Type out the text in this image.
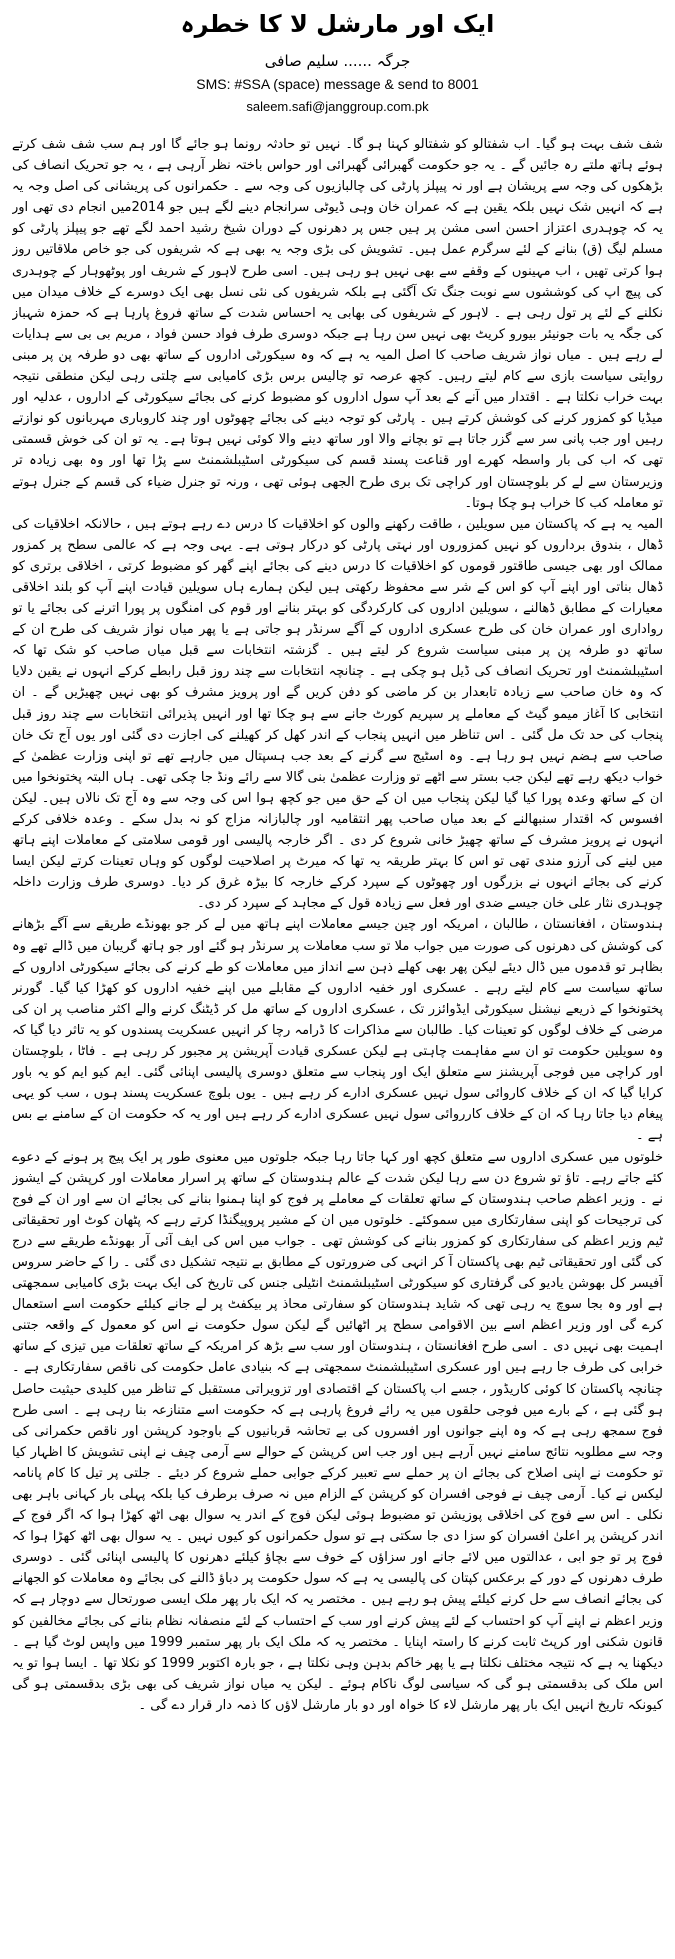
ایک اور مارشل لا کا خطرہ
جرگہ ...... سلیم صافی
SMS: #SSA (space) message & send to 8001
saleem.safi@janggroup.com.pk

شف شف بہت ہو گیا۔ اب شفتالو کو شفتالو کہنا ہو گا۔ نہیں تو حادثہ رونما ہو جائے گا اور ہم سب شف شف کرتے ہوئے ہاتھ ملتے رہ جائیں گے ۔ یہ جو حکومت گھبرائی گھبرائی اور حواس باختہ نظر آرہی ہے ، یہ جو تحریک انصاف کی بڑھکوں کی وجہ سے پریشان ہے اور نہ پیپلز پارٹی کی چالبازیوں کی وجہ سے ۔ حکمرانوں کی پریشانی کی اصل وجہ یہ ہے کہ انہیں شک نہیں بلکہ یقین ہے کہ عمران خان وہی ڈیوٹی سرانجام دینے لگے ہیں جو 2014میں انجام دی تھی اور یہ کہ چوہدری اعتزاز احسن اسی مشن پر ہیں جس پر دھرنوں کے دوران شیخ رشید احمد لگے تھے جو پیپلز پارٹی کو مسلم لیگ (ق) بنانے کے لئے سرگرم عمل ہیں۔ تشویش کی بڑی وجہ یہ بھی ہے کہ شریفوں کی جو خاص ملاقاتیں روز ہوا کرتی تھیں ، اب مہینوں کے وقفے سے بھی نہیں ہو رہی ہیں۔ اسی طرح لاہور کے شریف اور پوٹھوہار کے چوہدری کی پیچ اپ کی کوششوں سے نوبت جنگ تک آگئی ہے بلکہ شریفوں کی نئی نسل بھی ایک دوسرے کے خلاف میدان میں نکلنے کے لئے پر تول رہی ہے ۔ لاہور کے شریفوں کی بھابی یہ احساس شدت کے ساتھ فروغ پارہا ہے کہ حمزہ شہباز کی جگہ یہ بات جونیئر بیورو کریٹ بھی نہیں سن رہا ہے جبکہ دوسری طرف فواد حسن فواد ، مریم بی بی سے ہدایات لے رہے ہیں ۔ میاں نواز شریف صاحب کا اصل المیہ یہ ہے کہ وہ سیکورٹی اداروں کے ساتھ بھی دو طرفہ پن پر مبنی روایتی سیاست بازی سے کام لیتے رہیں۔ کچھ عرصہ تو چالیس برس بڑی کامیابی سے چلتی رہی لیکن منطقی نتیجہ بہت خراب نکلتا ہے ۔ اقتدار میں آنے کے بعد آپ سول اداروں کو مضبوط کرنے کی بجائے سیکورٹی کے اداروں ، عدلیہ اور میڈیا کو کمزور کرنے کی کوشش کرتے ہیں ۔ پارٹی کو توجہ دینے کی بجائے چھوٹوں اور چند کاروباری مہربانوں کو نوازتے رہیں اور جب پانی سر سے گزر جاتا ہے تو بچانے والا اور ساتھ دینے والا کوئی نہیں ہوتا ہے۔ یہ تو ان کی خوش قسمتی تھی کہ اب کی بار واسطہ کھرے اور قناعت پسند قسم کی سیکورٹی اسٹیبلشمنٹ سے پڑا تھا اور وہ بھی زیادہ تر وزیرستان سے لے کر بلوچستان اور کراچی تک بری طرح الجھی ہوئی تھی ، ورنہ تو جنرل ضیاء کی قسم کے جنرل ہوتے تو معاملہ کب کا خراب ہو چکا ہوتا۔

المیہ یہ ہے کہ پاکستان میں سویلین ، طاقت رکھنے والوں کو اخلاقیات کا درس دے رہے ہوتے ہیں ، حالانکہ اخلاقیات کی ڈھال ، بندوق برداروں کو نہیں کمزوروں اور نہتی پارٹی کو درکار ہوتی ہے۔ یہی وجہ ہے کہ عالمی سطح پر کمزور ممالک اور بھی جیسی طاقتور قوموں کو اخلاقیات کا درس دینے کی بجائے اپنے گھر کو مضبوط کرتی ، اخلاقی برتری کو ڈھال بناتی اور اپنے آپ کو اس کے شر سے محفوظ رکھتی ہیں لیکن ہمارے ہاں سویلین قیادت اپنے آپ کو بلند اخلاقی معیارات کے مطابق ڈھالنے ، سویلین اداروں کی کارکردگی کو بہتر بنانے اور قوم کی امنگوں پر پورا اترنے کی بجائے یا تو رواداری اور عمران خان کی طرح عسکری اداروں کے آگے سرنڈر ہو جاتی ہے یا پھر میاں نواز شریف کی طرح ان کے ساتھ دو طرفہ پن پر مبنی سیاست شروع کر لیتے ہیں ۔ گزشتہ انتخابات سے قبل میاں صاحب کو شک تھا کہ اسٹیبلشمنٹ اور تحریک انصاف کی ڈیل ہو چکی ہے ۔ چنانچہ انتخابات سے چند روز قبل رابطے کرکے انہوں نے یقین دلایا کہ وہ خان صاحب سے زیادہ تابعدار بن کر ماضی کو دفن کریں گے اور پرویز مشرف کو بھی نہیں چھیڑیں گے ۔ ان انتخابی کا آغاز میمو گیٹ کے معاملے پر سپریم کورٹ جانے سے ہو چکا تھا اور انہیں پذیرائی انتخابات سے چند روز قبل پنجاب کی حد تک مل گئی ۔ اس تناظر میں انہیں پنجاب کے اندر کھل کر کھیلنے کی اجازت دی گئی اور یوں آج تک خان صاحب سے ہضم نہیں ہو رہا ہے۔ وہ اسٹیج سے گرنے کے بعد جب ہسپتال میں جارہے تھے تو اپنی وزارت عظمیٰ کے خواب دیکھ رہے تھے لیکن جب بستر سے اٹھے تو وزارت عظمیٰ بنی گالا سے رائے ونڈ جا چکی تھی۔ ہاں البتہ پختونخوا میں ان کے ساتھ وعدہ پورا کیا گیا لیکن پنجاب میں ان کے حق میں جو کچھ ہوا اس کی وجہ سے وہ آج تک نالاں ہیں۔ لیکن افسوس کہ اقتدار سنبھالنے کے بعد میاں صاحب پھر انتقامیہ اور چالبازانہ مزاج کو نہ بدل سکے ۔ وعدہ خلافی کرکے انہوں نے پرویز مشرف کے ساتھ چھیڑ خانی شروع کر دی ۔ اگر خارجہ پالیسی اور قومی سلامتی کے معاملات اپنے ہاتھ میں لینے کی آرزو مندی تھی تو اس کا بہتر طریقہ یہ تھا کہ میرٹ پر اصلاحیت لوگوں کو وہاں تعینات کرتے لیکن ایسا کرنے کی بجائے انہوں نے بزرگوں اور چھوٹوں کے سپرد کرکے خارجہ کا بیڑہ غرق کر دیا۔ دوسری طرف وزارت داخلہ چوہدری نثار علی خان جیسے ضدی اور فعل سے زیادہ قول کے مجاہد کے سپرد کر دی۔

ہندوستان ، افغانستان ، طالبان ، امریکہ اور چین جیسے معاملات اپنے ہاتھ میں لے کر جو بھونڈے طریقے سے آگے بڑھانے کی کوشش کی دھرنوں کی صورت میں جواب ملا تو سب معاملات پر سرنڈر ہو گئے اور جو ہاتھ گریبان میں ڈالے تھے وہ بظاہر تو قدموں میں ڈال دیئے لیکن پھر بھی کھلے ذہن سے انداز میں معاملات کو طے کرنے کی بجائے سیکورٹی اداروں کے ساتھ سیاست سے کام لیتے رہے ۔ عسکری اور خفیہ اداروں کے مقابلے میں اپنے خفیہ اداروں کو کھڑا کیا گیا۔ گورنر پختونخوا کے ذریعے نیشنل سیکورٹی ایڈوائزر تک ، عسکری اداروں کے ساتھ مل کر ڈیٹنگ کرنے والے اکثر مناصب پر ان کی مرضی کے خلاف لوگوں کو تعینات کیا۔ طالبان سے مذاکرات کا ڈرامہ رچا کر انہیں عسکریت پسندوں کو یہ تاثر دیا گیا کہ وہ سویلین حکومت تو ان سے مفاہمت چاہتی ہے لیکن عسکری قیادت آپریشن پر مجبور کر رہی ہے ۔ فاٹا ، بلوچستان اور کراچی میں فوجی آپریشنز سے متعلق ایک اور پنجاب سے متعلق دوسری پالیسی اپنائی گئی۔ ایم کیو ایم کو یہ باور کرایا گیا کہ ان کے خلاف کاروائی سول نہیں عسکری ادارے کر رہے ہیں ۔ یوں بلوچ عسکریت پسند ہوں ، سب کو یہی پیغام دیا جاتا رہا کہ ان کے خلاف کارروائی سول نہیں عسکری ادارے کر رہے ہیں اور یہ کہ حکومت ان کے سامنے بے بس ہے ۔

خلوتوں میں عسکری اداروں سے متعلق کچھ اور کہا جاتا رہا جبکہ جلوتوں میں معنوی طور پر ایک پیج پر ہونے کے دعوے کئے جاتے رہے۔ تاؤ تو شروع دن سے رہا لیکن شدت کے عالم ہندوستان کے ساتھ پر اسرار معاملات اور کرپشن کے ایشوز نے ۔ وزیر اعظم صاحب ہندوستان کے ساتھ تعلقات کے معاملے پر فوج کو اپنا ہمنوا بنانے کی بجائے ان سے اور ان کے فوج کی ترجیحات کو اپنی سفارتکاری میں سموکئے۔ خلوتوں میں ان کے مشیر پروپیگنڈا کرتے رہے کہ پٹھان کوٹ اور تحقیقاتی ٹیم وزیر اعظم کی سفارتکاری کو کمزور بنانے کی کوشش تھی ۔ جواب میں اس کی ایف آئی آر بھونڈے طریقے سے درج کی گئی اور تحقیقاتی ٹیم بھی پاکستان آ کر انہی کی ضرورتوں کے مطابق بے نتیجہ تشکیل دی گئی ۔ را کے حاضر سروس آفیسر کل بھوشن یادیو کی گرفتاری کو سیکورٹی اسٹیبلشمنٹ انٹیلی جنس کی تاریخ کی ایک بہت بڑی کامیابی سمجھتی ہے اور وہ بجا سوچ یہ رہی تھی کہ شاید ہندوستان کو سفارتی محاذ پر بیکفٹ پر لے جانے کیلئے حکومت اسے استعمال کرے گی اور وزیر اعظم اسے بین الاقوامی سطح پر اٹھائیں گے لیکن سول حکومت نے اس کو معمول کے واقعہ جتنی اہمیت بھی نہیں دی ۔ اسی طرح افغانستان ، ہندوستان اور سب سے بڑھ کر امریکہ کے ساتھ تعلقات میں تیزی کے ساتھ خرابی کی طرف جا رہے ہیں اور عسکری اسٹیبلشمنٹ سمجھتی ہے کہ بنیادی عامل حکومت کی ناقص سفارتکاری ہے ۔ چنانچہ پاکستان کا کوئی کاریڈور ، جسے اب پاکستان کے اقتصادی اور تزویراتی مستقبل کے تناظر میں کلیدی حیثیت حاصل ہو گئی ہے ، کے بارے میں فوجی حلقوں میں یہ رائے فروغ پارہی ہے کہ حکومت اسے متنازعہ بنا رہی ہے ۔ اسی طرح فوج سمجھ رہی ہے کہ وہ اپنے جوانوں اور افسروں کی بے تحاشہ قربانیوں کے باوجود کرپشن اور ناقص حکمرانی کی وجہ سے مطلوبہ نتائج سامنے نہیں آرہے ہیں اور جب اس کرپشن کے حوالے سے آرمی چیف نے اپنی تشویش کا اظہار کیا تو حکومت نے اپنی اصلاح کی بجائے ان پر حملے سے تعبیر کرکے جوابی حملے شروع کر دیئے ۔ جلتی پر تیل کا کام پانامہ لیکس نے کیا۔ آرمی چیف نے فوجی افسران کو کرپشن کے الزام میں نہ صرف برطرف کیا بلکہ پہلی بار کہانی باہر بھی نکلی ۔ اس سے فوج کی اخلاقی پوزیشن تو مضبوط ہوئی لیکن فوج کے اندر یہ سوال بھی اٹھ کھڑا ہوا کہ اگر فوج کے اندر کرپشن پر اعلیٰ افسران کو سزا دی جا سکتی ہے تو سول حکمرانوں کو کیوں نہیں ۔ یہ سوال بھی اٹھ کھڑا ہوا کہ فوج پر تو جو ابی ، عدالتوں میں لائے جانے اور سزاؤں کے خوف سے بچاؤ کیلئے دھرنوں کا پالیسی اپنائی گئی ۔ دوسری طرف دھرنوں کے دور کے برعکس کپتان کی پالیسی یہ ہے کہ سول حکومت پر دباؤ ڈالنے کی بجائے وہ معاملات کو الجھانے کی بجائے انصاف سے حل کرنے کیلئے پیش ہو رہے ہیں ۔ مختصر یہ کہ ایک بار پھر ملک ایسی صورتحال سے دوچار ہے کہ وزیر اعظم نے اپنے آپ کو احتساب کے لئے پیش کرنے اور سب کے احتساب کے لئے منصفانہ نظام بنانے کی بجائے مخالفین کو قانون شکنی اور کرپٹ ثابت کرنے کا راستہ اپنایا ۔ مختصر یہ کہ ملک ایک بار پھر ستمبر 1999 میں واپس لوٹ گیا ہے ۔ دیکھنا یہ ہے کہ نتیجہ مختلف نکلتا ہے یا پھر خاکم بدہن وہی نکلتا ہے ، جو بارہ اکتوبر 1999 کو نکلا تھا ۔ ایسا ہوا تو یہ اس ملک کی بدقسمتی ہو گی کہ سیاسی لوگ ناکام ہوئے ۔ لیکن یہ میاں نواز شریف کی بھی بڑی بدقسمتی ہو گی کیونکہ تاریخ انہیں ایک بار پھر مارشل لاء کا خواہ اور دو بار مارشل لاؤں کا ذمہ دار قرار دے گی ۔
